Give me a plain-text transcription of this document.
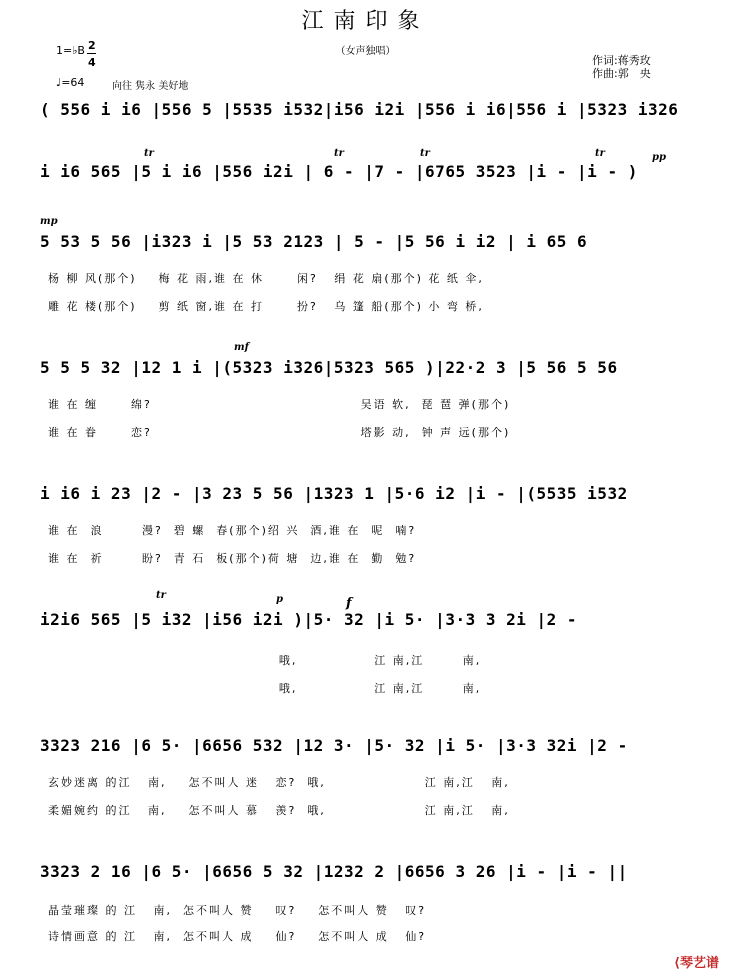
江南印象
（女声独唱）
1=♭B 2
4
♩=64	向往 隽永 美好地
作词:蒋秀玫
作曲:郭　央
( 556 i i6 |556 5 |5535 i532|i56 i2i |556 i i6|556 i |5323 i326
tr	tr	tr	tr	pp
i i6 565 |5 i i6 |556 i2i | 6 - |7 - |6765 3523 |i - |i - )
mp
5 53 5 56 |i323 i |5 53 2123 | 5 - |5 56 i i2 | i 65 6
杨 柳 风(那个)    梅 花 雨,谁 在 休      闲?   绢 花 扇(那个) 花 纸 伞,
雕 花 楼(那个)    剪 纸 窗,谁 在 打      扮?   乌 篷 船(那个) 小 弯 桥,
mf
5 5 5 32 |12 1 i |(5323 i326|5323 565 )|22·2 3 |5 56 5 56
谁 在 缠      绵?                                      吴语 软,  琵 琶 弹(那个)
谁 在 眷      恋?                                      塔影 动,  钟 声 远(那个)
i i6 i 23 |2 - |3 23 5 56 |1323 1 |5·6 i2 |i - |(5535 i532
谁 在  浪       漫?  碧 螺  春(那个)绍 兴  酒,谁 在  呢  喃?
谁 在  祈       盼?  青 石  板(那个)荷 塘  边,谁 在  勤  勉?
tr	p	f
i2i6 565 |5 i32 |i56 i2i )|5· 32 |i 5· |3·3 3 2i |2 -
哦,              江 南,江       南,
哦,              江 南,江       南,
3323 216 |6 5· |6656 532 |12 3· |5· 32 |i 5· |3·3 32i |2 -
玄妙迷离 的江   南,    怎不叫人 迷   恋?  哦,                  江 南,江   南,
柔媚婉约 的江   南,    怎不叫人 慕   羡?  哦,                  江 南,江   南,
3323 2 16 |6 5· |6656 5 32 |1232 2 |6656 3 26 |i - |i - ||
晶莹璀璨 的 江   南,  怎不叫人 赞    叹?    怎不叫人 赞   叹?
诗情画意 的 江   南,  怎不叫人 成    仙?    怎不叫人 成   仙?
⟨琴艺谱
